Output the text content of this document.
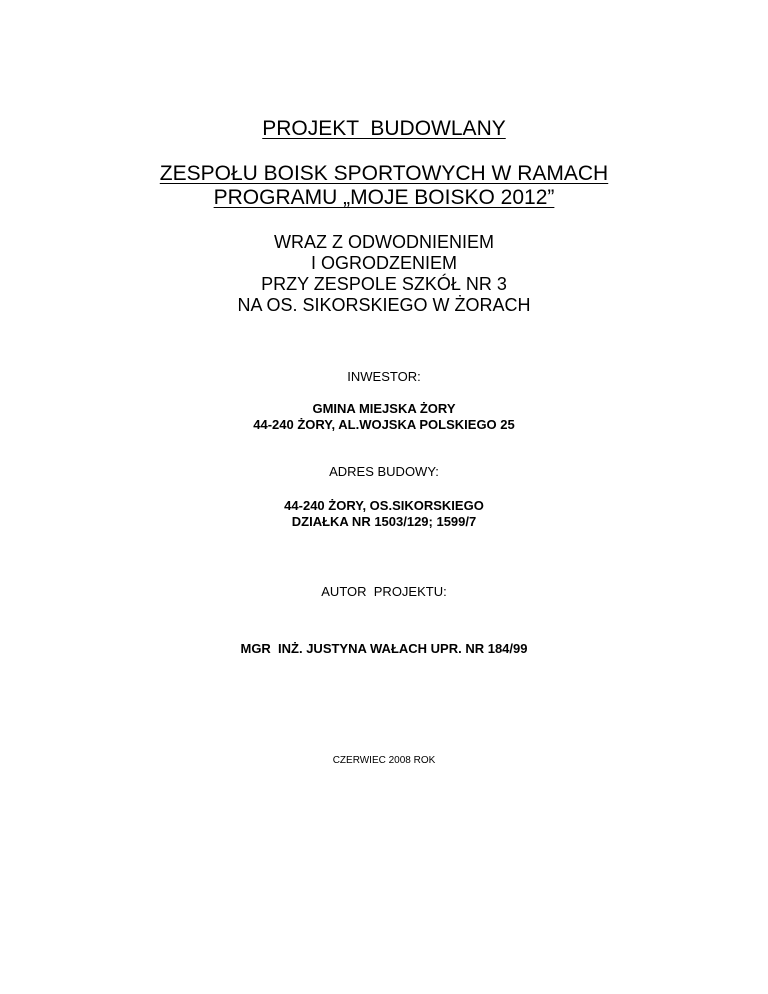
PROJEKT  BUDOWLANY
ZESPOŁU BOISK SPORTOWYCH W RAMACH
PROGRAMU „MOJE BOISKO 2012”
WRAZ Z ODWODNIENIEM
I OGRODZENIEM
PRZY ZESPOLE SZKÓŁ NR 3
NA OS. SIKORSKIEGO W ŻORACH
INWESTOR:
GMINA MIEJSKA ŻORY
44-240 ŻORY, AL.WOJSKA POLSKIEGO 25
ADRES BUDOWY:
44-240 ŻORY, OS.SIKORSKIEGO
DZIAŁKA NR 1503/129; 1599/7
AUTOR  PROJEKTU:
MGR  INŻ. JUSTYNA WAŁACH UPR. NR 184/99
CZERWIEC 2008 ROK
